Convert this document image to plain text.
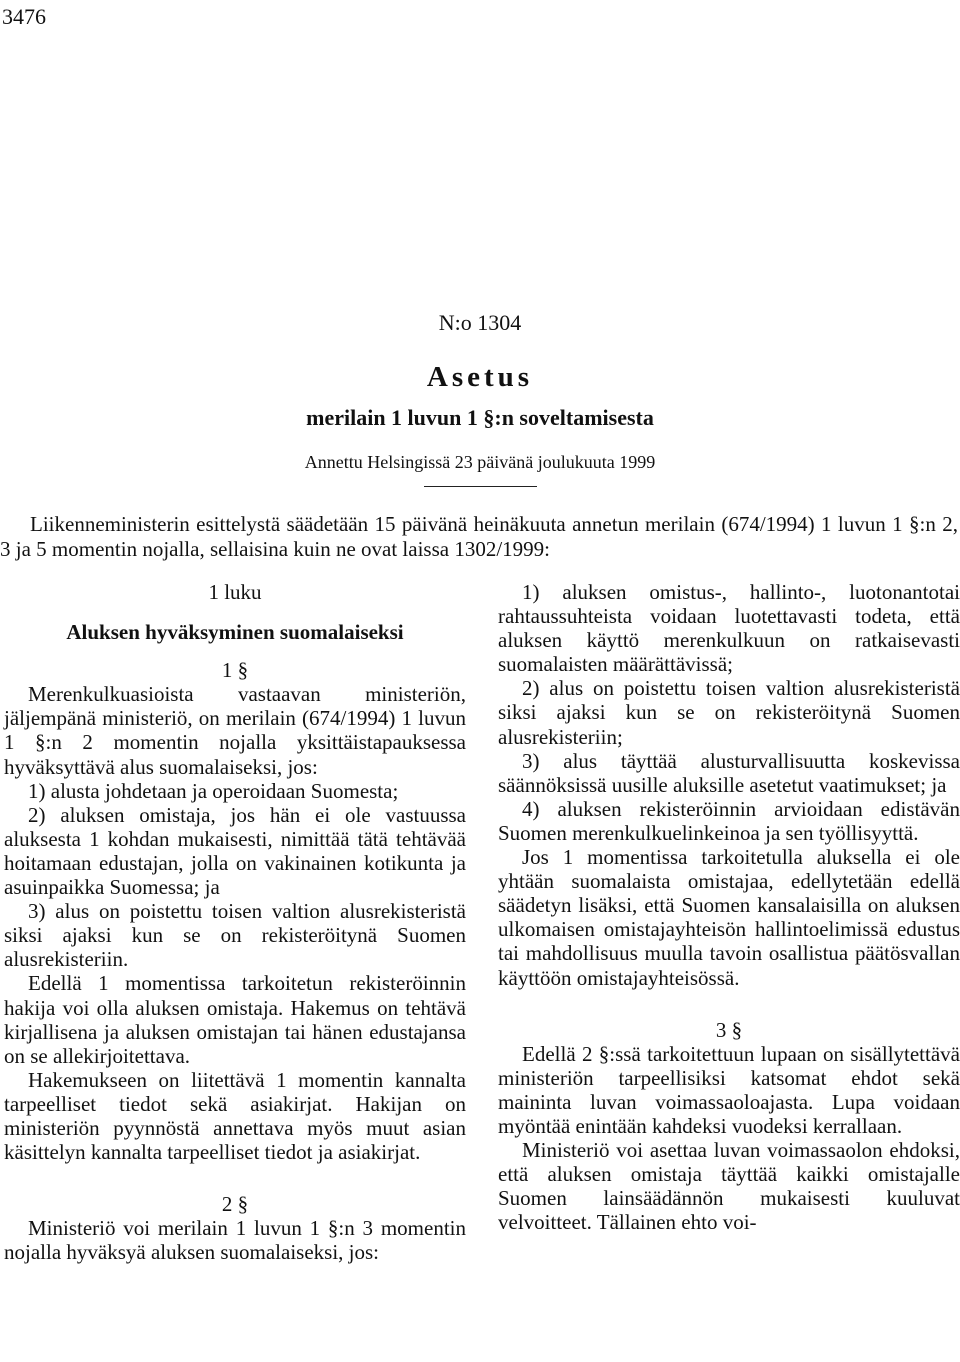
3476
N:o 1304
Asetus
merilain 1 luvun 1 §:n soveltamisesta
Annettu Helsingissä 23 päivänä joulukuuta 1999

Liikenneministerin esittelystä säädetään 15 päivänä heinäkuuta annetun merilain (674/1994) 1 luvun 1 §:n 2, 3 ja 5 momentin nojalla, sellaisina kuin ne ovat laissa 1302/1999:

1 luku

Aluksen hyväksyminen suomalaiseksi

1 §

Merenkulkuasioista vastaavan ministeriön, jäljempänä ministeriö, on merilain (674/1994) 1 luvun 1 §:n 2 momentin nojalla yksittäistapauksessa hyväksyttävä alus suomalaiseksi, jos:

1) alusta johdetaan ja operoidaan Suomesta;

2) aluksen omistaja, jos hän ei ole vastuussa aluksesta 1 kohdan mukaisesti, nimittää tätä tehtävää hoitamaan edustajan, jolla on vakinainen kotikunta ja asuinpaikka Suomessa; ja

3) alus on poistettu toisen valtion alusrekisteristä siksi ajaksi kun se on rekisteröitynä Suomen alusrekisteriin.

Edellä 1 momentissa tarkoitetun rekisteröinnin hakija voi olla aluksen omistaja. Hakemus on tehtävä kirjallisena ja aluksen omistajan tai hänen edustajansa on se allekirjoitettava.

Hakemukseen on liitettävä 1 momentin kannalta tarpeelliset tiedot sekä asiakirjat. Hakijan on ministeriön pyynnöstä annettava myös muut asian käsittelyn kannalta tarpeelliset tiedot ja asiakirjat.

2 §

Ministeriö voi merilain 1 luvun 1 §:n 3 momentin nojalla hyväksyä aluksen suomalaiseksi, jos:

1) aluksen omistus-, hallinto-, luotonantotai rahtaussuhteista voidaan luotettavasti todeta, että aluksen käyttö merenkulkuun on ratkaisevasti suomalaisten määrättävissä;

2) alus on poistettu toisen valtion alusrekisteristä siksi ajaksi kun se on rekisteröitynä Suomen alusrekisteriin;

3) alus täyttää alusturvallisuutta koskevissa säännöksissä uusille aluksille asetetut vaatimukset; ja

4) aluksen rekisteröinnin arvioidaan edistävän Suomen merenkulkuelinkeinoa ja sen työllisyyttä.

Jos 1 momentissa tarkoitetulla aluksella ei ole yhtään suomalaista omistajaa, edellytetään edellä säädetyn lisäksi, että Suomen kansalaisilla on aluksen ulkomaisen omistajayhteisön hallintoelimissä edustus tai mahdollisuus muulla tavoin osallistua päätösvallan käyttöön omistajayhteisössä.

3 §

Edellä 2 §:ssä tarkoitettuun lupaan on sisällytettävä ministeriön tarpeellisiksi katsomat ehdot sekä maininta luvan voimassaoloajasta. Lupa voidaan myöntää enintään kahdeksi vuodeksi kerrallaan.

Ministeriö voi asettaa luvan voimassaolon ehdoksi, että aluksen omistaja täyttää kaikki omistajalle Suomen lainsäädännön mukaisesti kuuluvat velvoitteet. Tällainen ehto voi-
